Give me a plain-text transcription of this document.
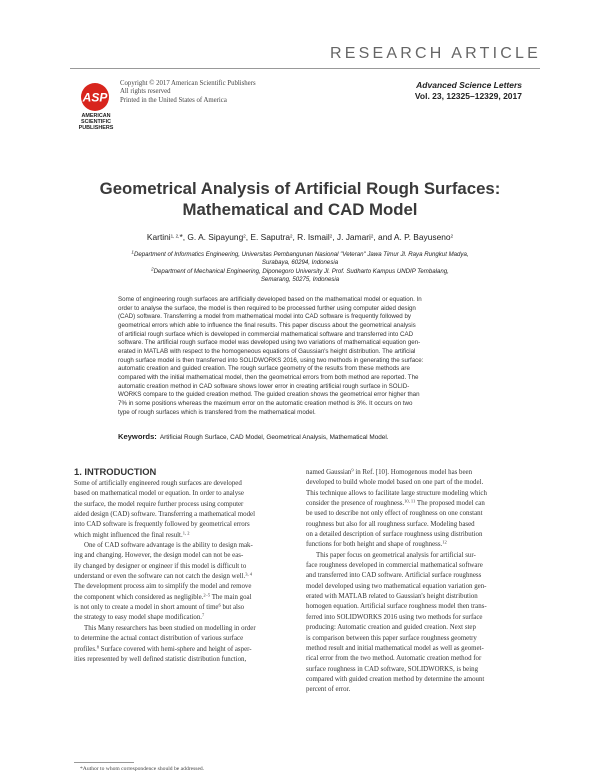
RESEARCH ARTICLE
ASP
AMERICAN
SCIENTIFIC
PUBLISHERS
Copyright © 2017 American Scientific Publishers
All rights reserved
Printed in the United States of America
Advanced Science Letters
Vol. 23, 12325–12329, 2017
Geometrical Analysis of Artificial Rough Surfaces:
Mathematical and CAD Model
Kartini$^{1, 2,}$*, G. A. Sipayung$^2$, E. Saputra$^2$, R. Ismail$^2$, J. Jamari$^2$, and A. P. Bayuseno$^2$
$^1$Department of Informatics Engineering, Universitas Pembangunan Nasional "Veteran" Jawa Timur Jl. Raya Rungkut Madya,
Surabaya, 60294, Indonesia
$^2$Department of Mechanical Engineering, Diponegoro University Jl. Prof. Sudharto Kampus UNDIP Tembalang,
Semarang, 50275, Indonesia
Some of engineering rough surfaces are artificially developed based on the mathematical model or equation. In
order to analyse the surface, the model is then required to be processed further using computer aided design
(CAD) software. Transferring a model from mathematical model into CAD software is frequently followed by
geometrical errors which able to influence the final results. This paper discuss about the geometrical analysis
of artificial rough surface which is developed in commercial mathematical software and transferred into CAD
software. The artificial rough surface model was developed using two variations of mathematical equation gen-
erated in MATLAB with respect to the homogeneous equations of Gaussian's height distribution. The artificial
rough surface model is then transferred into SOLIDWORKS 2016, using two methods in generating the surface:
automatic creation and guided creation. The rough surface geometry of the results from these methods are
compared with the initial mathematical model, then the geometrical errors from both method are reported. The
automatic creation method in CAD software shows lower error in creating artificial rough surface in SOLID-
WORKS compare to the guided creation method. The guided creation shows the geometrical error higher than
7% in some positions whereas the maximum error on the automatic creation method is 3%. It occurs on two
type of rough surfaces which is transfered from the mathematical model.
Keywords: Artificial Rough Surface, CAD Model, Geometrical Analysis, Mathematical Model.
1. INTRODUCTION
Some of artificially engineered rough surfaces are developed
based on mathematical model or equation. In order to analyse
the surface, the model require further process using computer
aided design (CAD) software. Transferring a mathematical model
into CAD software is frequently followed by geometrical errors
which might influenced the final result.$^{1, 2}$
One of CAD software advantage is the ability to design mak-
ing and changing. However, the design model can not be eas-
ily changed by designer or engineer if this model is difficult to
understand or even the software can not catch the design well.$^{3, 4}$
The development process aim to simplify the model and remove
the component which considered as negligible.$^{2-5}$ The main goal
is not only to create a model in short amount of time$^6$ but also
the strategy to easy model shape modification.$^7$
This Many researchers has been studied on modelling in order
to determine the actual contact distribution of various surface
profiles.$^8$ Surface covered with hemi-sphere and height of asper-
ities represented by well defined statistic distribution function,
named Gaussian$^9$ in Ref. [10]. Homogenous model has been
developed to build whole model based on one part of the model.
This technique allows to facilitate large structure modeling which
consider the presence of roughness.$^{10, 11}$ The proposed model can
be used to describe not only effect of roughness on one constant
roughness but also for all roughness surface. Modeling based
on a detailed description of surface roughness using distribution
functions for both height and shape of roughness.$^{12}$
This paper focus on geometrical analysis for artificial sur-
face roughness developed in commercial mathematical software
and transferred into CAD software. Artificial surface roughness
model developed using two mathematical equation variation gen-
erated with MATLAB related to Gaussian's height distribution
homogen equation. Artificial surface roughness model then trans-
ferred into SOLIDWORKS 2016 using two methods for surface
producing: Automatic creation and guided creation. Next step
is comparison between this paper surface roughness geometry
method result and initial mathematical model as well as geomet-
rical error from the two method. Automatic creation method for
surface roughness in CAD software, SOLIDWORKS, is being
compared with guided creation method by determine the amount
percent of error.
*Author to whom correspondence should be addressed.
